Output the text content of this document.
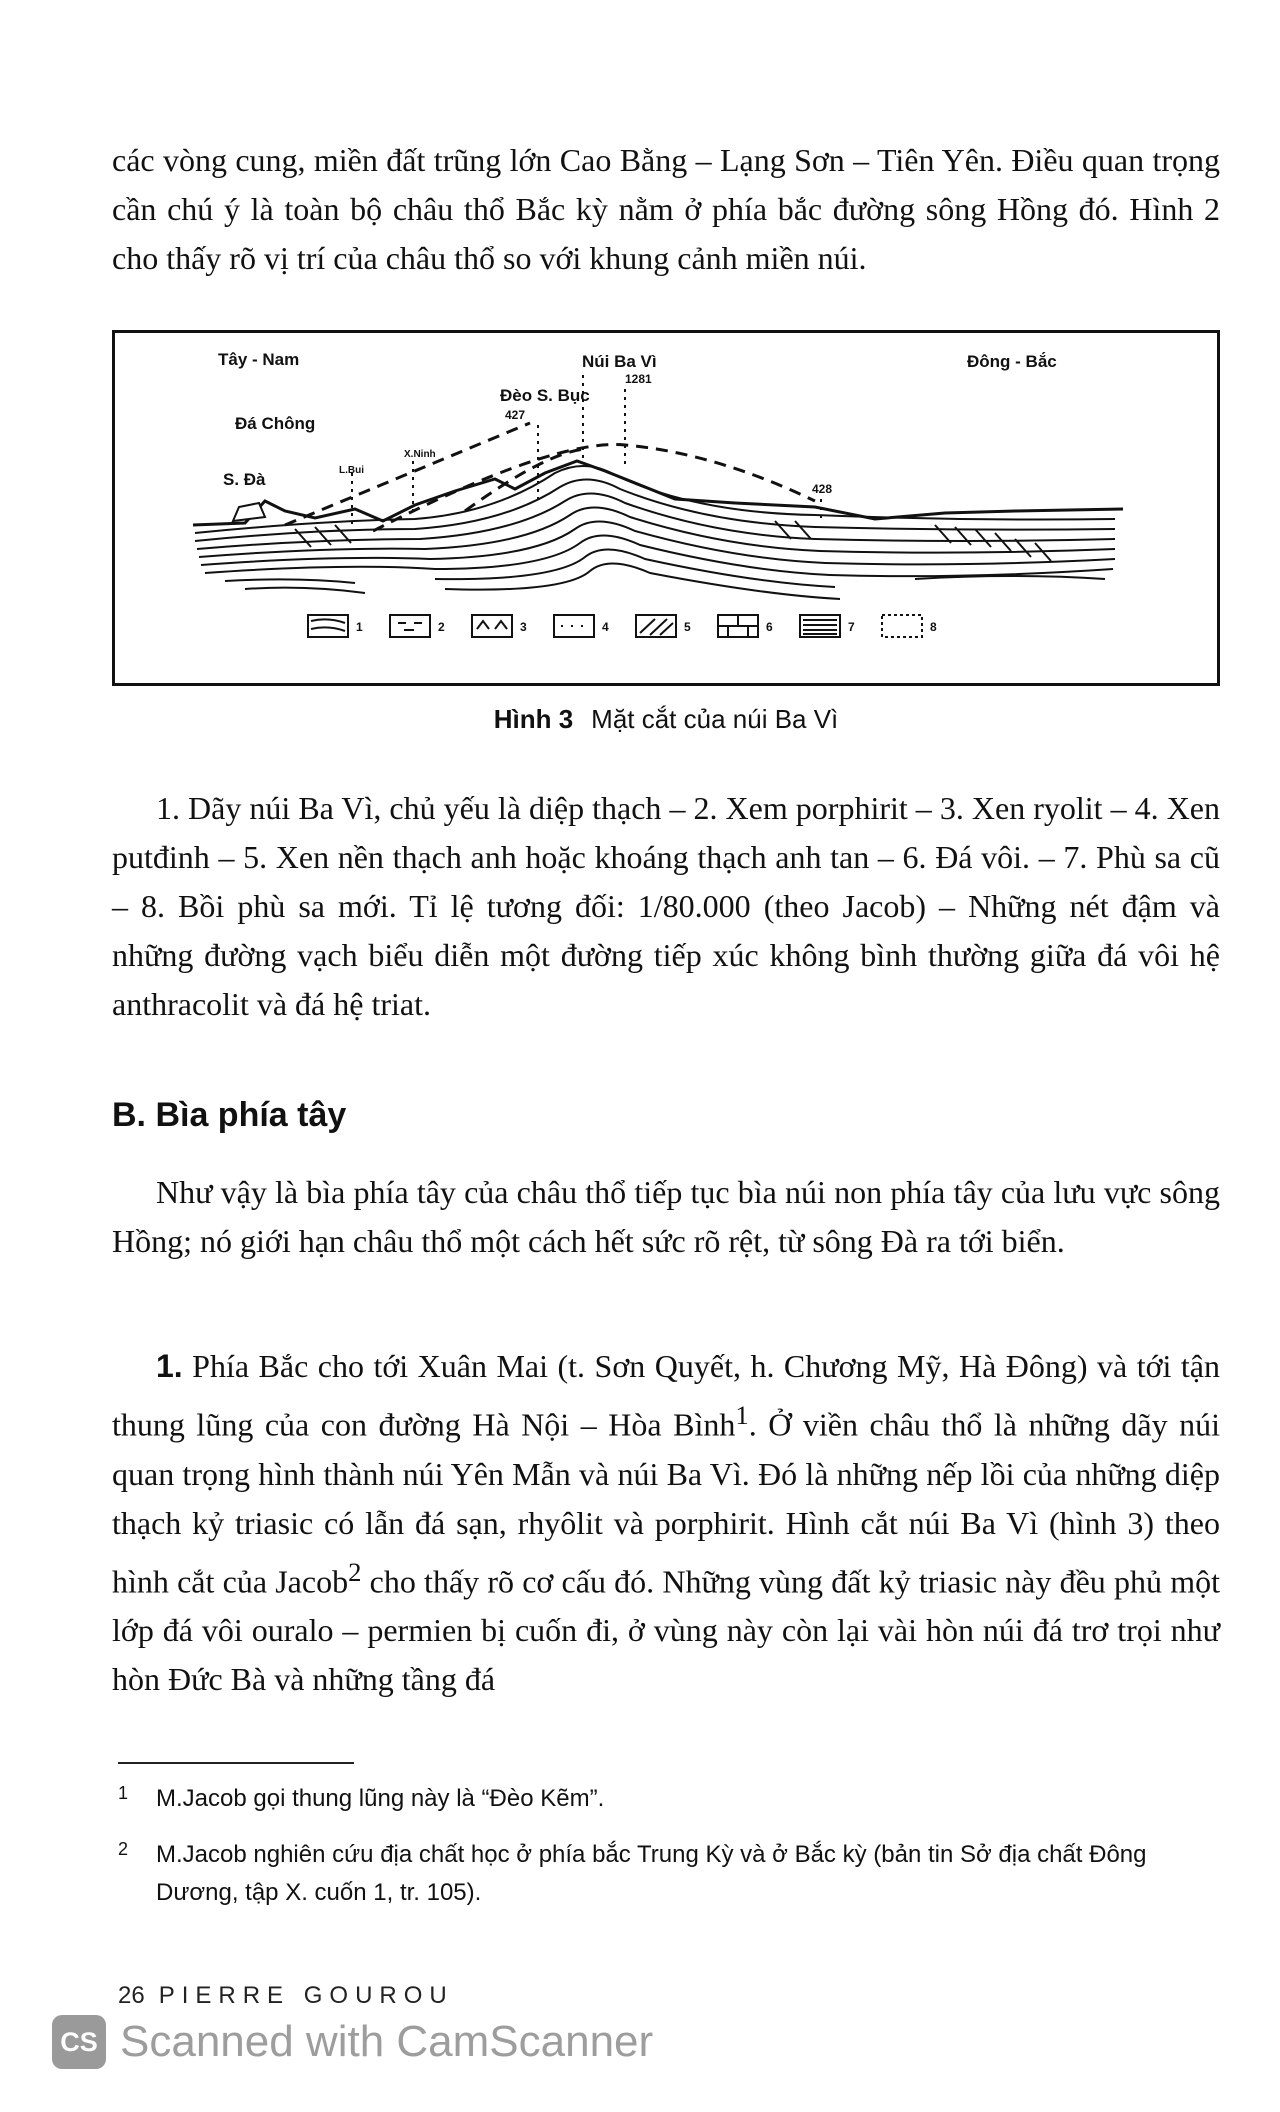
các vòng cung, miền đất trũng lớn Cao Bằng – Lạng Sơn – Tiên Yên. Điều quan trọng cần chú ý là toàn bộ châu thổ Bắc kỳ nằm ở phía bắc đường sông Hồng đó. Hình 2 cho thấy rõ vị trí của châu thổ so với khung cảnh miền núi.

Tây - Nam	Đông - Bắc
Núi Ba Vì
1281
Đèo S. Bục
427
Đá Chông
S. Đà	L.Bui
X.Ninh
428
1	2	3	4	5	6	7	8
Hình 3 Mặt cắt của núi Ba Vì

1. Dãy núi Ba Vì, chủ yếu là diệp thạch – 2. Xem porphirit – 3. Xen ryolit – 4. Xen putđinh – 5. Xen nền thạch anh hoặc khoáng thạch anh tan – 6. Đá vôi. – 7. Phù sa cũ – 8. Bồi phù sa mới. Tỉ lệ tương đối: 1/80.000 (theo Jacob) – Những nét đậm và những đường vạch biểu diễn một đường tiếp xúc không bình thường giữa đá vôi hệ anthracolit và đá hệ triat.

B. Bìa phía tây

Như vậy là bìa phía tây của châu thổ tiếp tục bìa núi non phía tây của lưu vực sông Hồng; nó giới hạn châu thổ một cách hết sức rõ rệt, từ sông Đà ra tới biển.

1. Phía Bắc cho tới Xuân Mai (t. Sơn Quyết, h. Chương Mỹ, Hà Đông) và tới tận thung lũng của con đường Hà Nội – Hòa Bình$^1$. Ở viền châu thổ là những dãy núi quan trọng hình thành núi Yên Mẫn và núi Ba Vì. Đó là những nếp lồi của những diệp thạch kỷ triasic có lẫn đá sạn, rhyôlit và porphirit. Hình cắt núi Ba Vì (hình 3) theo hình cắt của Jacob$^2$ cho thấy rõ cơ cấu đó. Những vùng đất kỷ triasic này đều phủ một lớp đá vôi ouralo – permien bị cuốn đi, ở vùng này còn lại vài hòn núi đá trơ trọi như hòn Đức Bà và những tầng đá

1	M.Jacob gọi thung lũng này là “Đèo Kẽm”.
2	M.Jacob nghiên cứu địa chất học ở phía bắc Trung Kỳ và ở Bắc kỳ (bản tin Sở địa chất Đông Dương, tập X. cuốn 1, tr. 105).
26 PIERRE GOUROU
CS Scanned with CamScanner
